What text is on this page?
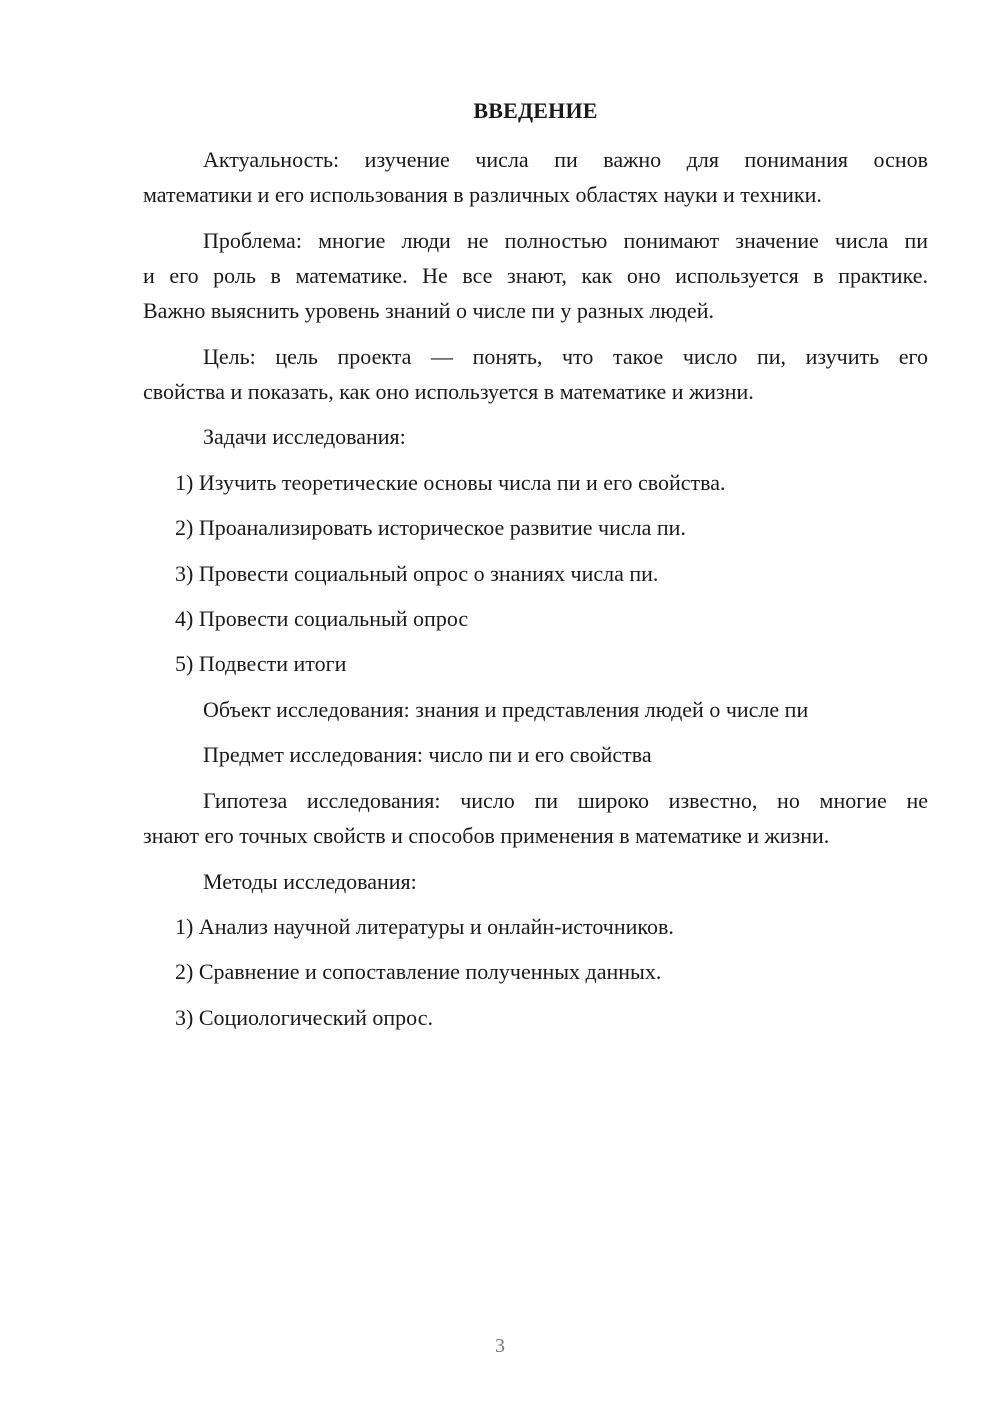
ВВЕДЕНИЕ
Актуальность: изучение числа пи важно для понимания основ
математики и его использования в различных областях науки и техники.
Проблема: многие люди не полностью понимают значение числа пи
и его роль в математике. Не все знают, как оно используется в практике.
Важно выяснить уровень знаний о числе пи у разных людей.
Цель: цель проекта — понять, что такое число пи, изучить его
свойства и показать, как оно используется в математике и жизни.
Задачи исследования:
1) Изучить теоретические основы числа пи и его свойства.
2) Проанализировать историческое развитие числа пи.
3) Провести социальный опрос о знаниях числа пи.
4) Провести социальный опрос
5) Подвести итоги
Объект исследования: знания и представления людей о числе пи
Предмет исследования: число пи и его свойства
Гипотеза исследования: число пи широко известно, но многие не
знают его точных свойств и способов применения в математике и жизни.
Методы исследования:
1) Анализ научной литературы и онлайн-источников.
2) Сравнение и сопоставление полученных данных.
3) Социологический опрос.
3
